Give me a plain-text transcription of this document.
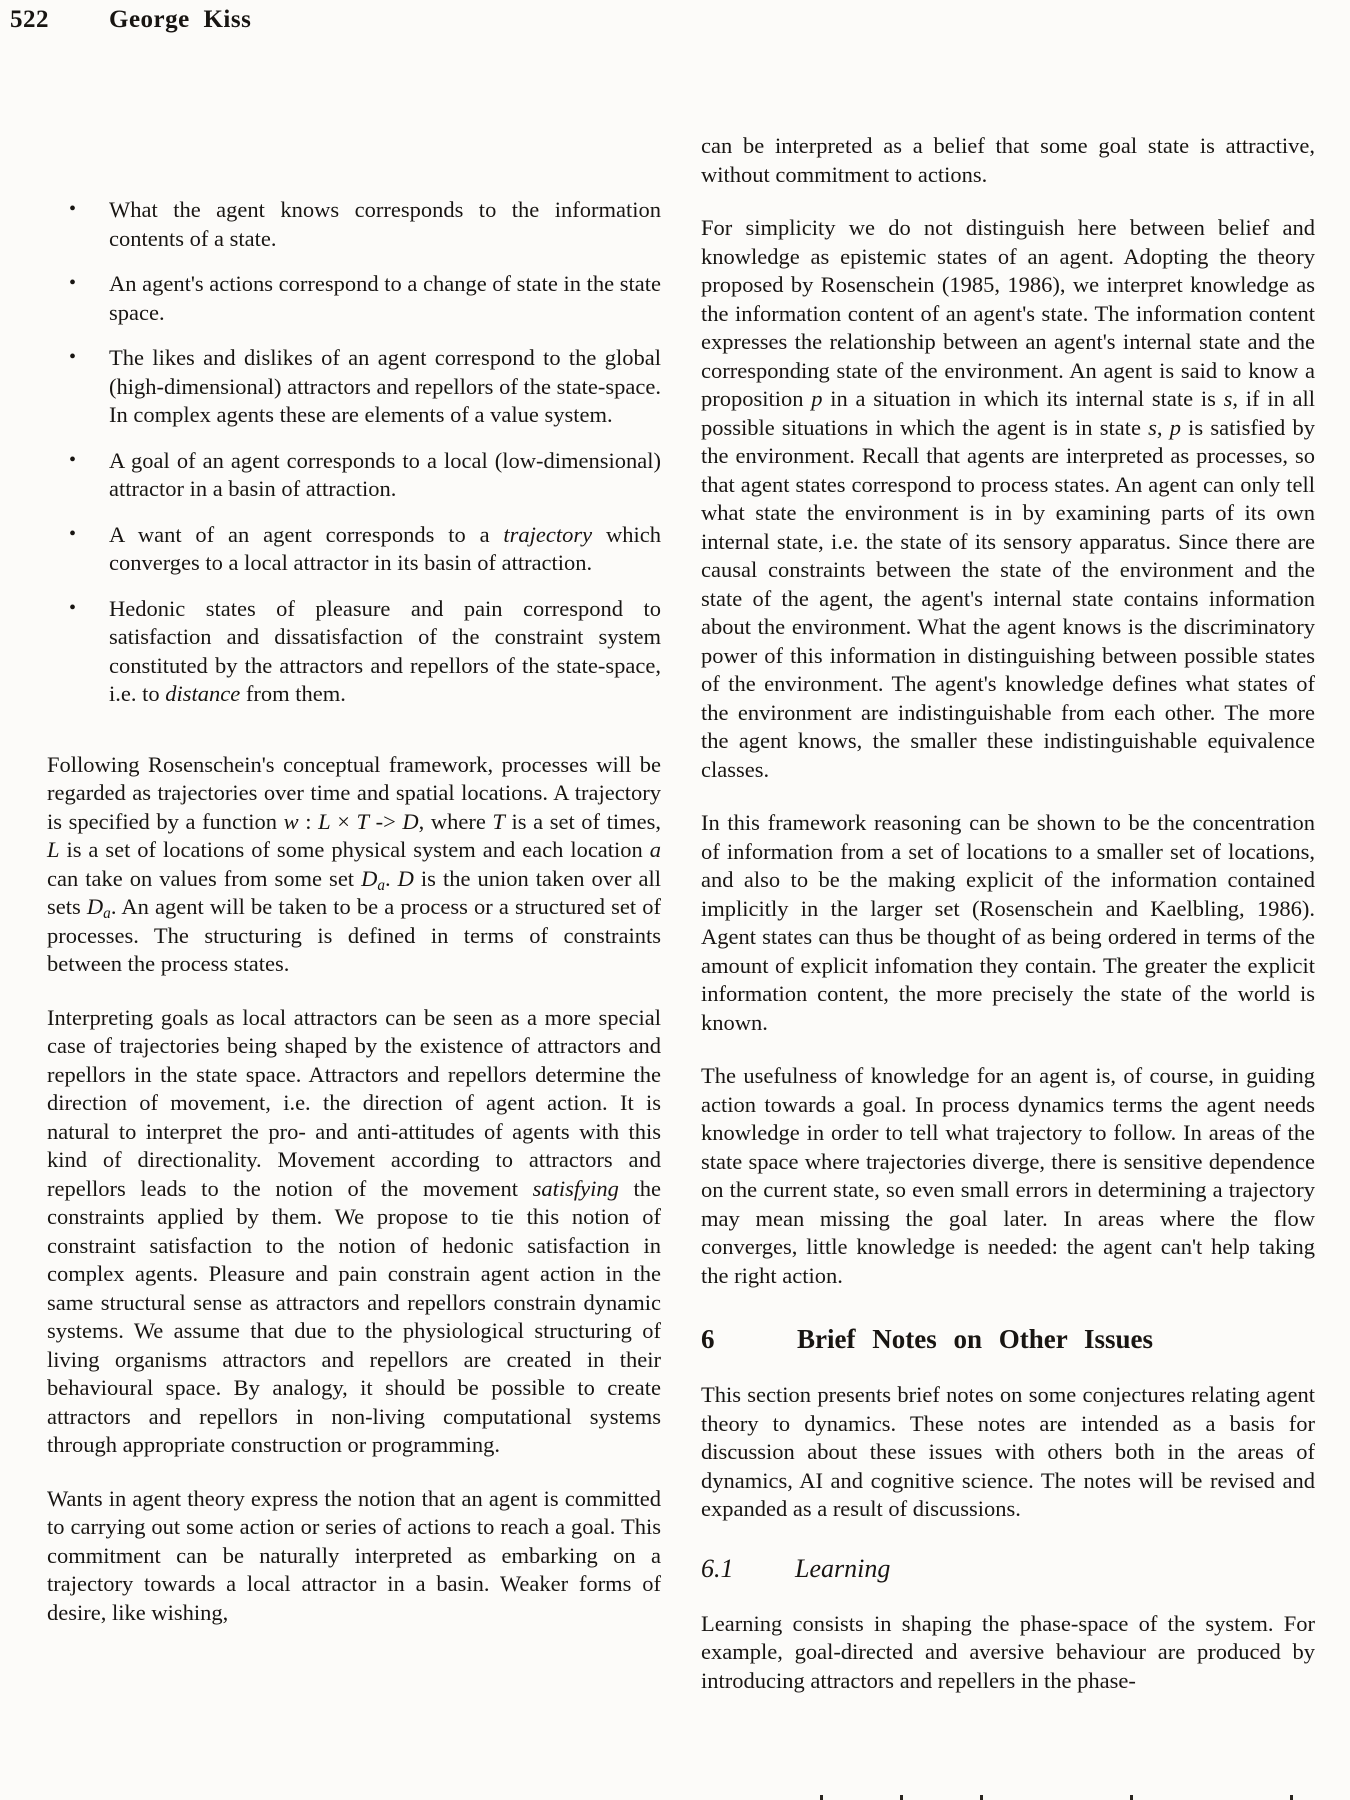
522 George Kiss
• What the agent knows corresponds to the information contents of a state.
• An agent's actions correspond to a change of state in the state space.
• The likes and dislikes of an agent correspond to the global (high-dimensional) attractors and repellors of the state-space. In complex agents these are elements of a value system.
• A goal of an agent corresponds to a local (low-dimensional) attractor in a basin of attraction.
• A want of an agent corresponds to a trajectory which converges to a local attractor in its basin of attraction.
• Hedonic states of pleasure and pain correspond to satisfaction and dissatisfaction of the constraint system constituted by the attractors and repellors of the state-space, i.e. to distance from them.

Following Rosenschein's conceptual framework, processes will be regarded as trajectories over time and spatial locations. A trajectory is specified by a function w : L × T -> D, where T is a set of times, L is a set of locations of some physical system and each location a can take on values from some set $D_a$. D is the union taken over all sets $D_a$. An agent will be taken to be a process or a structured set of processes. The structuring is defined in terms of constraints between the process states.

Interpreting goals as local attractors can be seen as a more special case of trajectories being shaped by the existence of attractors and repellors in the state space. Attractors and repellors determine the direction of movement, i.e. the direction of agent action. It is natural to interpret the pro- and anti-attitudes of agents with this kind of directionality. Movement according to attractors and repellors leads to the notion of the movement satisfying the constraints applied by them. We propose to tie this notion of constraint satisfaction to the notion of hedonic satisfaction in complex agents. Pleasure and pain constrain agent action in the same structural sense as attractors and repellors constrain dynamic systems. We assume that due to the physiological structuring of living organisms attractors and repellors are created in their behavioural space. By analogy, it should be possible to create attractors and repellors in non-living computational systems through appropriate construction or programming.

Wants in agent theory express the notion that an agent is committed to carrying out some action or series of actions to reach a goal. This commitment can be naturally interpreted as embarking on a trajectory towards a local attractor in a basin. Weaker forms of desire, like wishing,

can be interpreted as a belief that some goal state is attractive, without commitment to actions.

For simplicity we do not distinguish here between belief and knowledge as epistemic states of an agent. Adopting the theory proposed by Rosenschein (1985, 1986), we interpret knowledge as the information content of an agent's state. The information content expresses the relationship between an agent's internal state and the corresponding state of the environment. An agent is said to know a proposition p in a situation in which its internal state is s, if in all possible situations in which the agent is in state s, p is satisfied by the environment. Recall that agents are interpreted as processes, so that agent states correspond to process states. An agent can only tell what state the environment is in by examining parts of its own internal state, i.e. the state of its sensory apparatus. Since there are causal constraints between the state of the environment and the state of the agent, the agent's internal state contains information about the environment. What the agent knows is the discriminatory power of this information in distinguishing between possible states of the environment. The agent's knowledge defines what states of the environment are indistinguishable from each other. The more the agent knows, the smaller these indistinguishable equivalence classes.

In this framework reasoning can be shown to be the concentration of information from a set of locations to a smaller set of locations, and also to be the making explicit of the information contained implicitly in the larger set (Rosenschein and Kaelbling, 1986). Agent states can thus be thought of as being ordered in terms of the amount of explicit infomation they contain. The greater the explicit information content, the more precisely the state of the world is known.

The usefulness of knowledge for an agent is, of course, in guiding action towards a goal. In process dynamics terms the agent needs knowledge in order to tell what trajectory to follow. In areas of the state space where trajectories diverge, there is sensitive dependence on the current state, so even small errors in determining a trajectory may mean missing the goal later. In areas where the flow converges, little knowledge is needed: the agent can't help taking the right action.

6	Brief Notes on Other Issues

This section presents brief notes on some conjectures relating agent theory to dynamics. These notes are intended as a basis for discussion about these issues with others both in the areas of dynamics, AI and cognitive science. The notes will be revised and expanded as a result of discussions.

6.1	Learning

Learning consists in shaping the phase-space of the system. For example, goal-directed and aversive behaviour are produced by introducing attractors and repellers in the phase-
